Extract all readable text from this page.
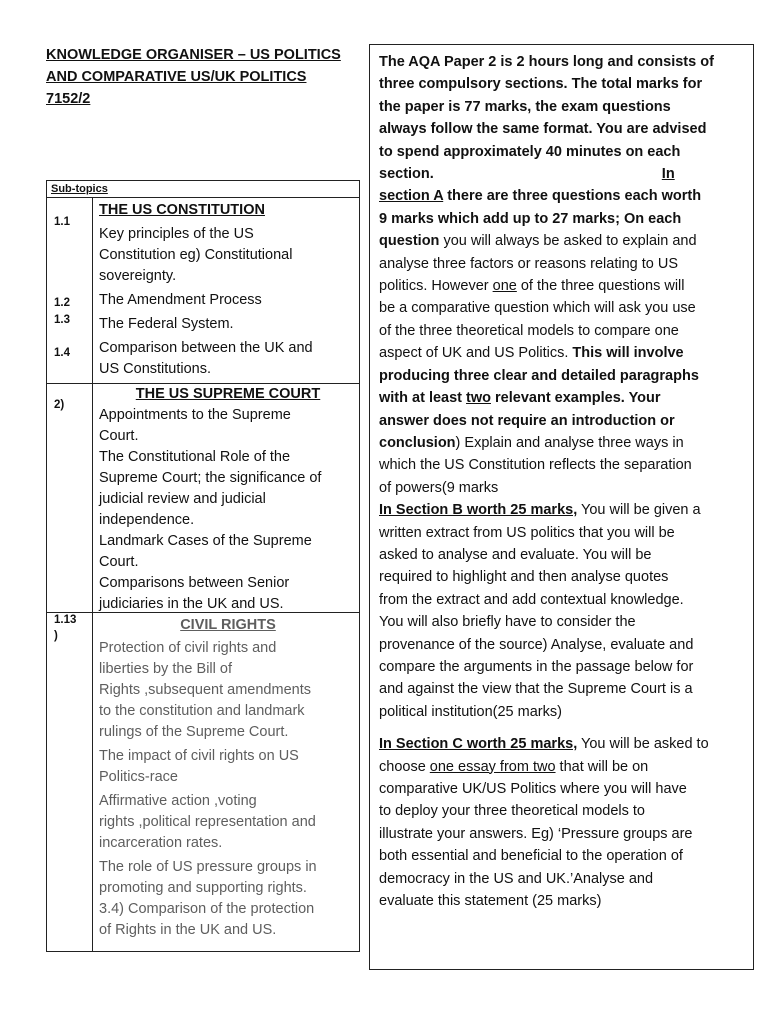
KNOWLEDGE ORGANISER – US POLITICS
AND COMPARATIVE US/UK POLITICS
7152/2
Sub-topics
1.1
1.2
1.3
1.4
THE US CONSTITUTION
Key principles of the US
Constitution eg) Constitutional
sovereignty.
The Amendment Process
The Federal System.
Comparison between the UK and
US Constitutions.
2)
THE US SUPREME COURT
Appointments to the Supreme
Court.
The Constitutional Role of the
Supreme Court; the significance of
judicial review and judicial
independence.
Landmark Cases of the Supreme
Court.
Comparisons between Senior
judiciaries in the UK and US.
1.13
)
CIVIL RIGHTS
Protection of civil rights and
liberties by the Bill of
Rights ,subsequent amendments
to the constitution and landmark
rulings of the Supreme Court.
The impact of civil rights on US
Politics-race
Affirmative action ,voting
rights ,political representation and
incarceration rates.
The role of US pressure groups in
promoting and supporting rights.
3.4) Comparison of the protection
of Rights in the UK and US.
The AQA Paper 2 is 2 hours long and consists of
three compulsory sections. The total marks for
the paper is 77 marks, the exam questions
always follow the same format. You are advised
to spend approximately 40 minutes on each
section.	In
section A there are three questions each worth
9 marks which add up to 27 marks; On each
question you will always be asked to explain and
analyse three factors or reasons relating to US
politics. However one of the three questions will
be a comparative question which will ask you use
of the three theoretical models to compare one
aspect of UK and US Politics. This will involve
producing three clear and detailed paragraphs
with at least two relevant examples. Your
answer does not require an introduction or
conclusion) Explain and analyse three ways in
which the US Constitution reflects the separation
of powers(9 marks
In Section B worth 25 marks, You will be given a
written extract from US politics that you will be
asked to analyse and evaluate. You will be
required to highlight and then analyse quotes
from the extract and add contextual knowledge.
You will also briefly have to consider the
provenance of the source) Analyse, evaluate and
compare the arguments in the passage below for
and against the view that the Supreme Court is a
political institution(25 marks)
In Section C worth 25 marks, You will be asked to
choose one essay from two that will be on
comparative UK/US Politics where you will have
to deploy your three theoretical models to
illustrate your answers. Eg) ‘Pressure groups are
both essential and beneficial to the operation of
democracy in the US and UK.’Analyse and
evaluate this statement (25 marks)
